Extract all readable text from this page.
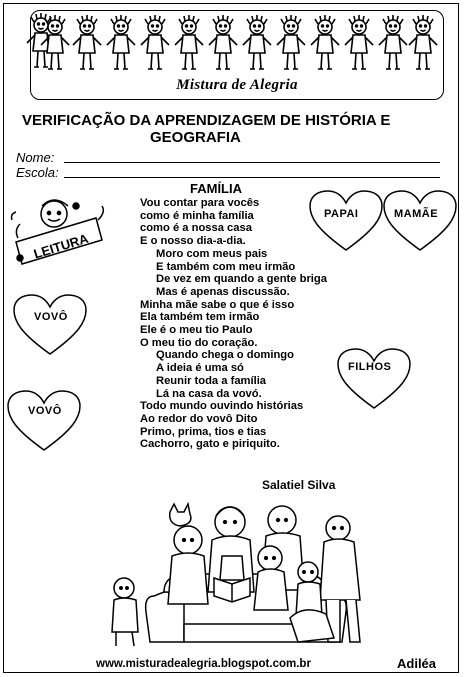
Mistura de Alegria
VERIFICAÇÃO DA APRENDIZAGEM DE HISTÓRIA E
GEOGRAFIA
Nome:
Escola:
LEITURA
PAPAI	MAMÃE
VOVÔ
FILHOS
VOVÔ
FAMÍLIA
Vou contar para vocês
como é minha família
como é a nossa casa
E o nosso dia-a-dia.
Moro com meus pais
E também com meu irmão
De vez em quando a gente briga
Mas é apenas discussão.
Minha mãe sabe o que é isso
Ela também tem irmão
Ele é o meu tio Paulo
O meu tio do coração.
Quando chega o domingo
A ideia é uma só
Reunir toda a família
Lá na casa da vovó.
Todo mundo ouvindo histórias
Ao redor do vovô Dito
Primo, prima, tios e tias
Cachorro, gato e piriquito.
Salatiel Silva
www.misturadealegria.blogspot.com.br	Adiléa
